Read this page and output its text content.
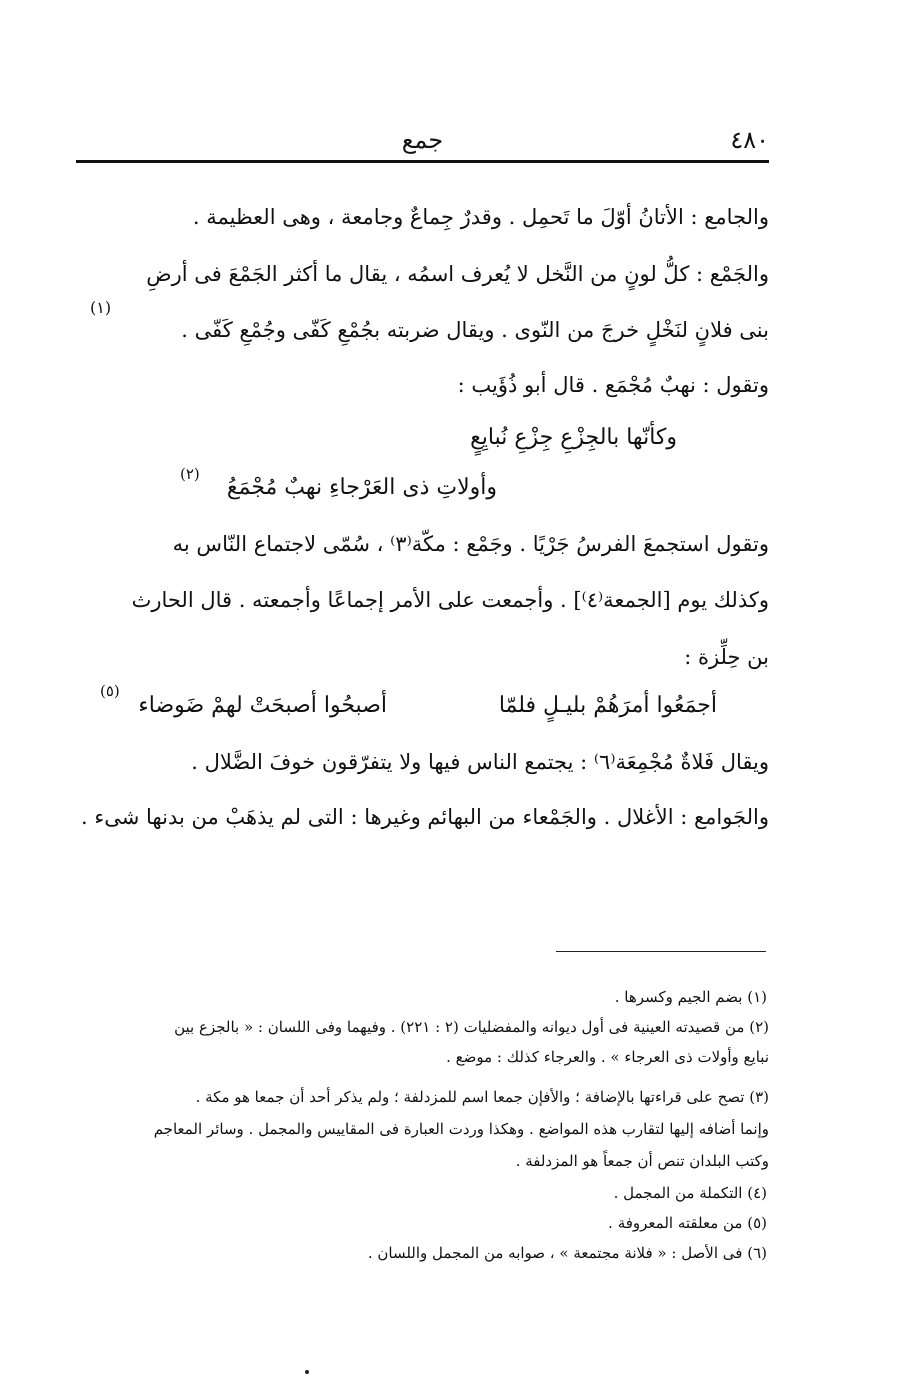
٤٨٠
جمع
والجامع : الأتانُ أوّلَ ما تَحمِل . وقدرٌ جِماعٌ وجامعة ، وهى العظيمة .
والجَمْع : كلُّ لونٍ من النَّخل لا يُعرف اسمُه ، يقال ما أكثر الجَمْعَ فى أرضِ
بنى فلانٍ لنَخْلٍ خرجَ من النّوى . ويقال ضربته بجُمْعِ كَفّى وجُمْعِ كَفّى .
(١)
وتقول : نهبٌ مُجْمَع . قال أبو ذُؤَيب :
وكأنّها بالجِزْعِ جِزْعِ نُبايِعٍ
وأولاتِ ذى العَرْجاءِ نهبٌ مُجْمَعُ
(٢)
وتقول استجمعَ الفرسُ جَرْيًا . وجَمْع : مكّة⁽٣⁾ ، سُمّى لاجتماع النّاس به
وكذلك يوم [الجمعة⁽٤⁾] . وأجمعت على الأمر إجماعًا وأجمعته . قال الحارث
بن حِلِّزة :
أجمَعُوا أمرَهُمْ بليـلٍ فلمّا
أصبحُوا أصبحَتْ لهمْ ضَوضاء
(٥)
ويقال فَلاةٌ مُجْمِعَة⁽٦⁾ : يجتمع الناس فيها ولا يتفرّقون خوفَ الضَّلال .
والجَوامع : الأغلال . والجَمْعاء من البهائم وغيرها : التى لم يذهَبْ من بدنها شىء .
(١) بضم الجيم وكسرها .
(٢) من قصيدته العينية فى أول ديوانه والمفضليات (٢ : ٢٢١) . وفيهما وفى اللسان : « بالجزع بين
نبايع وأولات ذى العرجاء » . والعرجاء كذلك : موضع .
(٣) تصح على قراءتها بالإضافة ؛ والأفإن جمعا اسم للمزدلفة ؛ ولم يذكر أحد أن جمعا هو مكة .
وإنما أضافه إليها لتقارب هذه المواضع . وهكذا وردت العبارة فى المقاييس والمجمل . وسائر المعاجم
وكتب البلدان تنص أن جمعاً هو المزدلفة .
(٤) التكملة من المجمل .
(٥) من معلقته المعروفة .
(٦) فى الأصل : « فلانة مجتمعة » ، صوابه من المجمل واللسان .
